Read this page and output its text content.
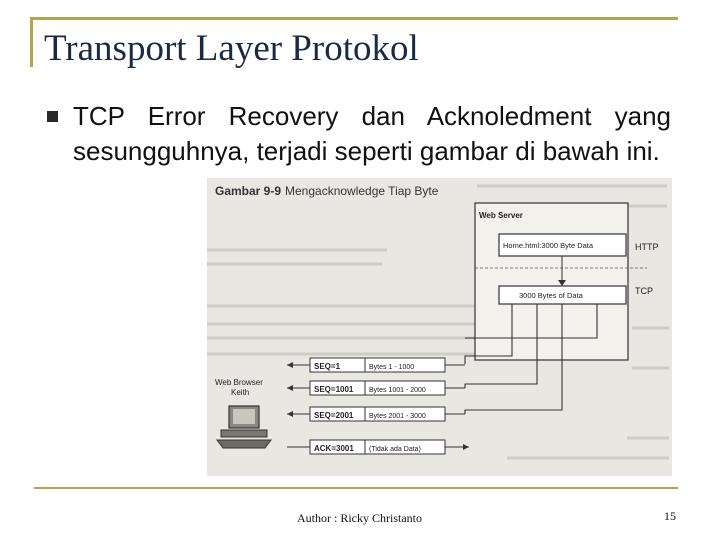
Transport Layer Protokol
TCP Error Recovery dan Acknoledment yang sesungguhnya, terjadi seperti gambar di bawah ini.
Gambar 9-9 Mengacknowledge Tiap Byte
Web Server
Home.html:3000 Byte Data	HTTP
3000 Bytes of Data	TCP
SEQ=1	Bytes 1 - 1000
SEQ=1001 Bytes 1001 - 2000
SEQ=2001 Bytes 2001 - 3000
ACK=3001 (Tidak ada Data)
Web Browser
Keith
Author : Ricky Christanto	15
